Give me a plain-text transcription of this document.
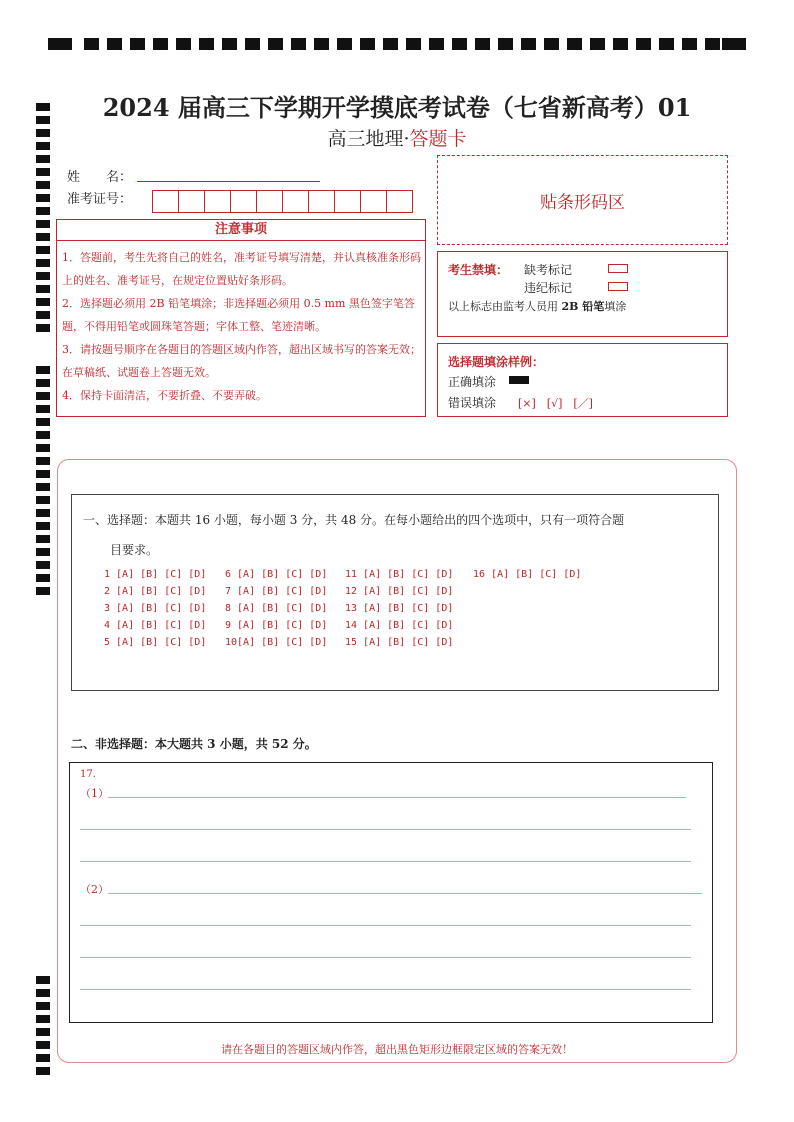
2024 届高三下学期开学摸底考试卷（七省新高考）01
高三地理·答题卡
姓　　名：
准考证号：	贴条形码区
注意事项
1．答题前，考生先将自己的姓名，准考证号填写清楚，并认真核准条形码上的姓名、准考证号，在规定位置贴好条形码。
2．选择题必须用 2B 铅笔填涂；非选择题必须用 0.5 mm 黑色签字笔答题，不得用铅笔或圆珠笔答题；字体工整、笔迹清晰。
3．请按题号顺序在各题目的答题区域内作答，超出区域书写的答案无效；在草稿纸、试题卷上答题无效。
4．保持卡面清洁，不要折叠、不要弄破。
考生禁填： 缺考标记
违纪标记
以上标志由监考人员用 2B 铅笔填涂
选择题填涂样例：
正确填涂
错误填涂 [×]　[√]　[／]
一、选择题：本题共 16 小题，每小题 3 分，共 48 分。在每小题给出的四个选项中，只有一项符合题
目要求。
1 [A] [B] [C] [D]
2 [A] [B] [C] [D]
3 [A] [B] [C] [D]
4 [A] [B] [C] [D]
5 [A] [B] [C] [D]
6 [A] [B] [C] [D]
7 [A] [B] [C] [D]
8 [A] [B] [C] [D]
9 [A] [B] [C] [D]
10[A] [B] [C] [D]
11 [A] [B] [C] [D]
12 [A] [B] [C] [D]
13 [A] [B] [C] [D]
14 [A] [B] [C] [D]
15 [A] [B] [C] [D]
16 [A] [B] [C] [D]
二、非选择题：本大题共 3 小题，共 52 分。
17.
（1）
（2）
请在各题目的答题区域内作答，超出黑色矩形边框限定区域的答案无效！
